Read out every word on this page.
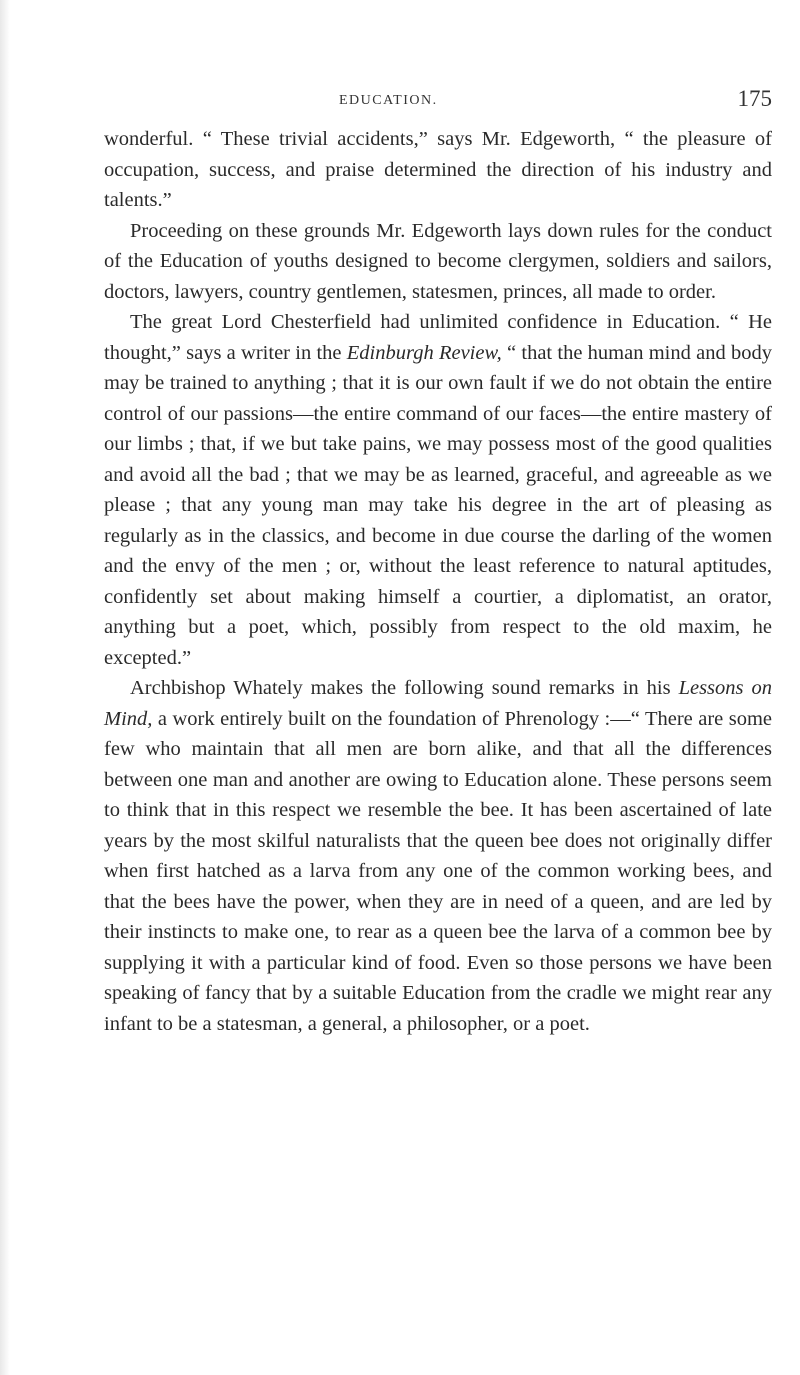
EDUCATION.	175

wonderful. “ These trivial accidents,” says Mr. Edgeworth, “ the pleasure of occupation, success, and praise determined the direction of his industry and talents.”

Proceeding on these grounds Mr. Edgeworth lays down rules for the conduct of the Education of youths designed to become clergymen, soldiers and sailors, doctors, lawyers, country gentlemen, statesmen, princes, all made to order.

The great Lord Chesterfield had unlimited confidence in Education. “ He thought,” says a writer in the Edinburgh Review, “ that the human mind and body may be trained to anything ; that it is our own fault if we do not obtain the entire control of our passions—the entire command of our faces—the entire mastery of our limbs ; that, if we but take pains, we may possess most of the good qualities and avoid all the bad ; that we may be as learned, graceful, and agreeable as we please ; that any young man may take his degree in the art of pleasing as regularly as in the classics, and become in due course the darling of the women and the envy of the men ; or, without the least reference to natural aptitudes, confidently set about making himself a courtier, a diplomatist, an orator, anything but a poet, which, possibly from respect to the old maxim, he excepted.”

Archbishop Whately makes the following sound remarks in his Lessons on Mind, a work entirely built on the foundation of Phrenology :—“ There are some few who maintain that all men are born alike, and that all the differences between one man and another are owing to Education alone. These persons seem to think that in this respect we resemble the bee. It has been ascertained of late years by the most skilful naturalists that the queen bee does not originally differ when first hatched as a larva from any one of the common working bees, and that the bees have the power, when they are in need of a queen, and are led by their instincts to make one, to rear as a queen bee the larva of a common bee by supplying it with a particular kind of food. Even so those persons we have been speaking of fancy that by a suitable Education from the cradle we might rear any infant to be a statesman, a general, a philosopher, or a poet.
